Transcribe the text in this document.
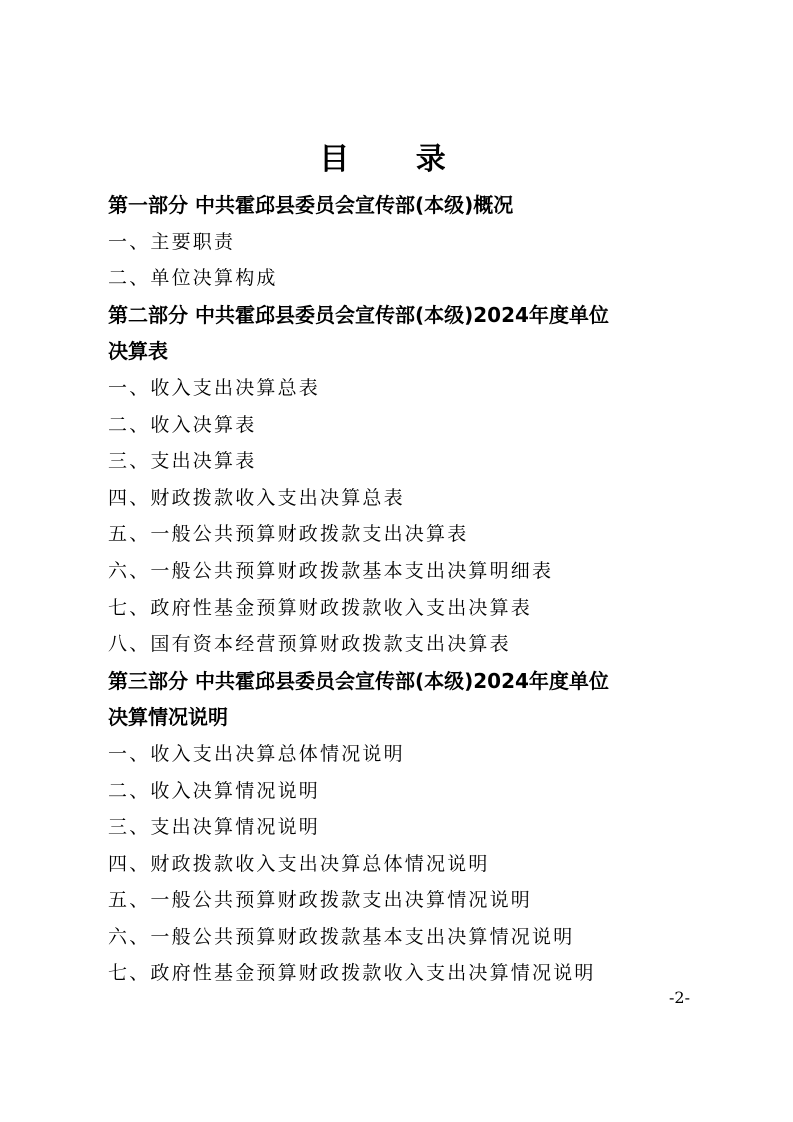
目 录
第一部分 中共霍邱县委员会宣传部(本级)概况
一、主要职责
二、单位决算构成
第二部分 中共霍邱县委员会宣传部(本级)2024年度单位
决算表
一、收入支出决算总表
二、收入决算表
三、支出决算表
四、财政拨款收入支出决算总表
五、一般公共预算财政拨款支出决算表
六、一般公共预算财政拨款基本支出决算明细表
七、政府性基金预算财政拨款收入支出决算表
八、国有资本经营预算财政拨款支出决算表
第三部分 中共霍邱县委员会宣传部(本级)2024年度单位
决算情况说明
一、收入支出决算总体情况说明
二、收入决算情况说明
三、支出决算情况说明
四、财政拨款收入支出决算总体情况说明
五、一般公共预算财政拨款支出决算情况说明
六、一般公共预算财政拨款基本支出决算情况说明
七、政府性基金预算财政拨款收入支出决算情况说明
-2-
